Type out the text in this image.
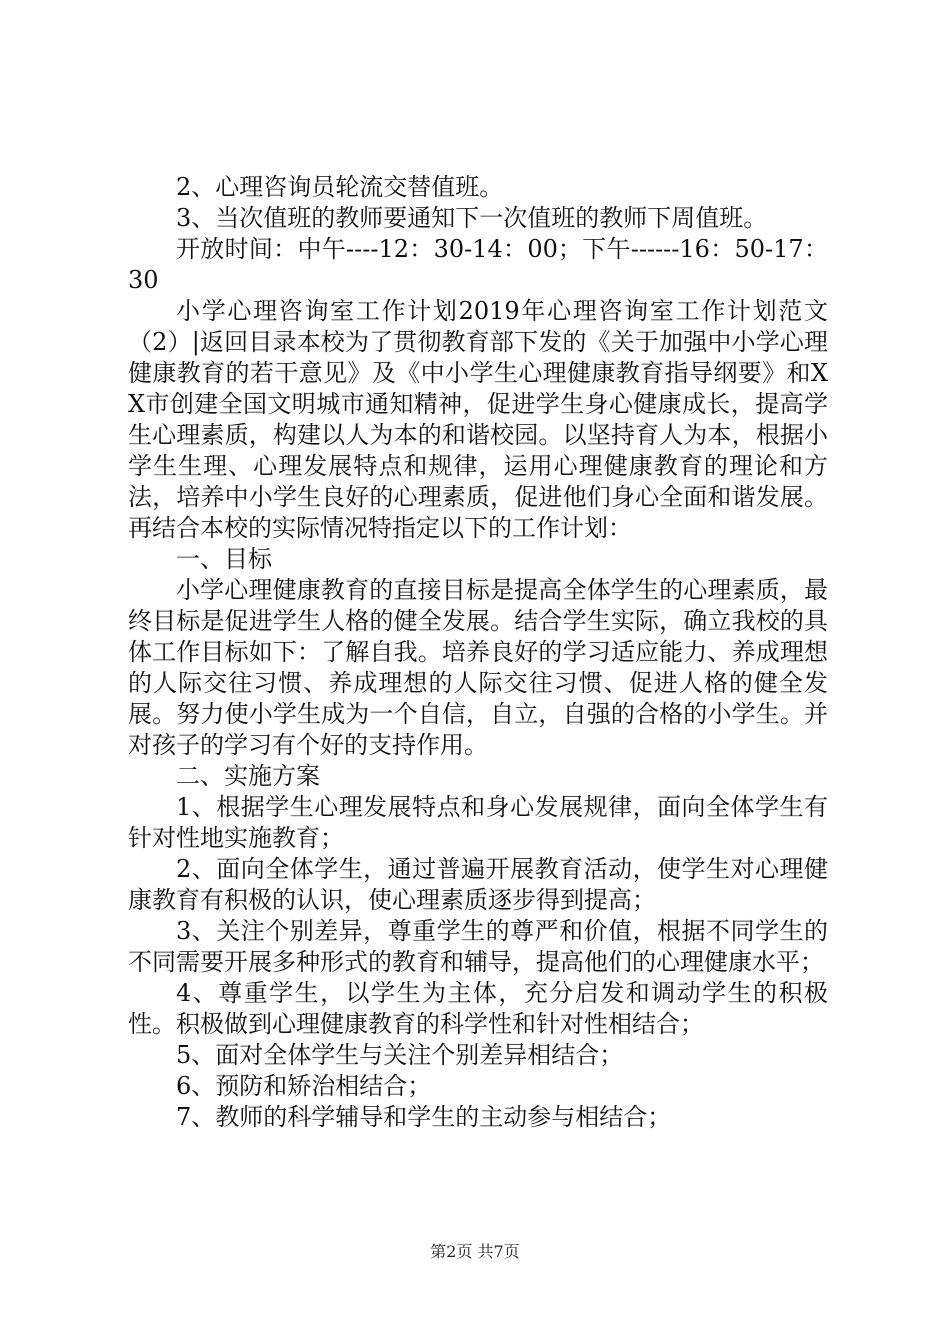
2、心理咨询员轮流交替值班。

3、当次值班的教师要通知下一次值班的教师下周值班。

开放时间：中午----12：30-14：00；下午------16：50-17：30

小学心理咨询室工作计划2019年心理咨询室工作计划范文（2）|返回目录本校为了贯彻教育部下发的《关于加强中小学心理健康教育的若干意见》及《中小学生心理健康教育指导纲要》和XX市创建全国文明城市通知精神，促进学生身心健康成长，提高学生心理素质，构建以人为本的和谐校园。以坚持育人为本，根据小学生生理、心理发展特点和规律，运用心理健康教育的理论和方法，培养中小学生良好的心理素质，促进他们身心全面和谐发展。再结合本校的实际情况特指定以下的工作计划：

一、目标

小学心理健康教育的直接目标是提高全体学生的心理素质，最终目标是促进学生人格的健全发展。结合学生实际，确立我校的具体工作目标如下：了解自我。培养良好的学习适应能力、养成理想的人际交往习惯、养成理想的人际交往习惯、促进人格的健全发展。努力使小学生成为一个自信，自立，自强的合格的小学生。并对孩子的学习有个好的支持作用。

二、实施方案

1、根据学生心理发展特点和身心发展规律，面向全体学生有针对性地实施教育；

2、面向全体学生，通过普遍开展教育活动，使学生对心理健康教育有积极的认识，使心理素质逐步得到提高；

3、关注个别差异，尊重学生的尊严和价值，根据不同学生的不同需要开展多种形式的教育和辅导，提高他们的心理健康水平；

4、尊重学生，以学生为主体，充分启发和调动学生的积极性。积极做到心理健康教育的科学性和针对性相结合；

5、面对全体学生与关注个别差异相结合；

6、预防和矫治相结合；

7、教师的科学辅导和学生的主动参与相结合；

第2页 共7页
